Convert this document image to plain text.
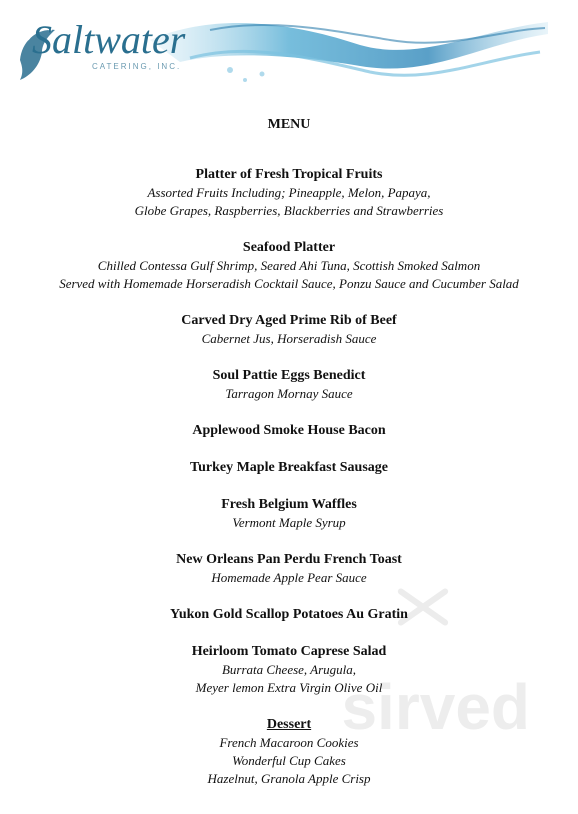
Saltwater
CATERING, INC.
MENU
Platter of Fresh Tropical Fruits
Assorted Fruits Including; Pineapple, Melon, Papaya,
Globe Grapes, Raspberries, Blackberries and Strawberries
Seafood Platter
Chilled Contessa Gulf Shrimp, Seared Ahi Tuna, Scottish Smoked Salmon
Served with Homemade Horseradish Cocktail Sauce, Ponzu Sauce and Cucumber Salad
Carved Dry Aged Prime Rib of Beef
Cabernet Jus, Horseradish Sauce
Soul Pattie Eggs Benedict
Tarragon Mornay Sauce
Applewood Smoke House Bacon
Turkey Maple Breakfast Sausage
Fresh Belgium Waffles
Vermont Maple Syrup
New Orleans Pan Perdu French Toast
Homemade Apple Pear Sauce
Yukon Gold Scallop Potatoes Au Gratin
Heirloom Tomato Caprese Salad
Burrata Cheese, Arugula,
Meyer lemon Extra Virgin Olive Oil
Dessert
French Macaroon Cookies
Wonderful Cup Cakes
Hazelnut, Granola Apple Crisp
sirved
